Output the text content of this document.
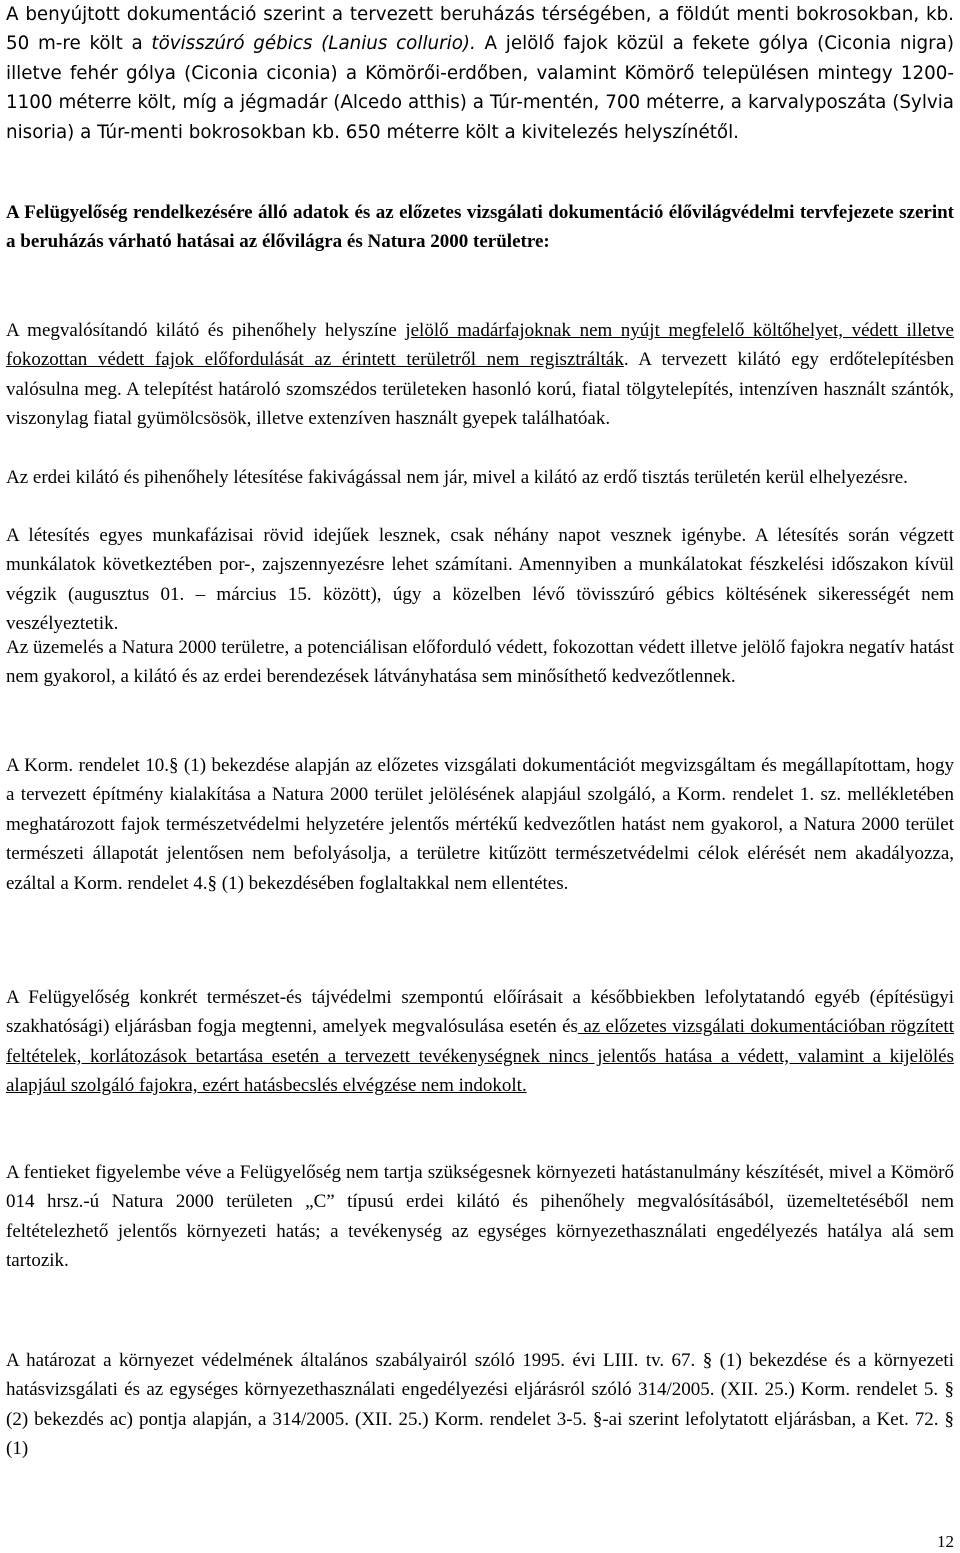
A benyújtott dokumentáció szerint a tervezett beruházás térségében, a földút menti bokrosokban, kb. 50 m-re költ a tövisszúró gébics (Lanius collurio). A jelölő fajok közül a fekete gólya (Ciconia nigra) illetve fehér gólya (Ciconia ciconia) a Kömörői-erdőben, valamint Kömörő településen mintegy 1200-1100 méterre költ, míg a jégmadár (Alcedo atthis) a Túr-mentén, 700 méterre, a karvalyposzáta (Sylvia nisoria) a Túr-menti bokrosokban kb. 650 méterre költ a kivitelezés helyszínétől.

A Felügyelőség rendelkezésére álló adatok és az előzetes vizsgálati dokumentáció élővilágvédelmi tervfejezete szerint a beruházás várható hatásai az élővilágra és Natura 2000 területre:

A megvalósítandó kilátó és pihenőhely helyszíne jelölő madárfajoknak nem nyújt megfelelő költőhelyet, védett illetve fokozottan védett fajok előfordulását az érintett területről nem regisztrálták. A tervezett kilátó egy erdőtelepítésben valósulna meg. A telepítést határoló szomszédos területeken hasonló korú, fiatal tölgytelepítés, intenzíven használt szántók, viszonylag fiatal gyümölcsösök, illetve extenzíven használt gyepek találhatóak.

Az erdei kilátó és pihenőhely létesítése fakivágással nem jár, mivel a kilátó az erdő tisztás területén kerül elhelyezésre.

A létesítés egyes munkafázisai rövid idejűek lesznek, csak néhány napot vesznek igénybe. A létesítés során végzett munkálatok következtében por-, zajszennyezésre lehet számítani. Amennyiben a munkálatokat fészkelési időszakon kívül végzik (augusztus 01. – március 15. között), úgy a közelben lévő tövisszúró gébics költésének sikerességét nem veszélyeztetik.

Az üzemelés a Natura 2000 területre, a potenciálisan előforduló védett, fokozottan védett illetve jelölő fajokra negatív hatást nem gyakorol, a kilátó és az erdei berendezések látványhatása sem minősíthető kedvezőtlennek.

A Korm. rendelet 10.§ (1) bekezdése alapján az előzetes vizsgálati dokumentációt megvizsgáltam és megállapítottam, hogy a tervezett építmény kialakítása a Natura 2000 terület jelölésének alapjául szolgáló, a Korm. rendelet 1. sz. mellékletében meghatározott fajok természetvédelmi helyzetére jelentős mértékű kedvezőtlen hatást nem gyakorol, a Natura 2000 terület természeti állapotát jelentősen nem befolyásolja, a területre kitűzött természetvédelmi célok elérését nem akadályozza, ezáltal a Korm. rendelet 4.§ (1) bekezdésében foglaltakkal nem ellentétes.

A Felügyelőség konkrét természet-és tájvédelmi szempontú előírásait a későbbiekben lefolytatandó egyéb (építésügyi szakhatósági) eljárásban fogja megtenni, amelyek megvalósulása esetén és az előzetes vizsgálati dokumentációban rögzített feltételek, korlátozások betartása esetén a tervezett tevékenységnek nincs jelentős hatása a védett, valamint a kijelölés alapjául szolgáló fajokra, ezért hatásbecslés elvégzése nem indokolt.

A fentieket figyelembe véve a Felügyelőség nem tartja szükségesnek környezeti hatástanulmány készítését, mivel a Kömörő 014 hrsz.-ú Natura 2000 területen „C” típusú erdei kilátó és pihenőhely megvalósításából, üzemeltetéséből nem feltételezhető jelentős környezeti hatás; a tevékenység az egységes környezethasználati engedélyezés hatálya alá sem tartozik.

A határozat a környezet védelmének általános szabályairól szóló 1995. évi LIII. tv. 67. § (1) bekezdése és a környezeti hatásvizsgálati és az egységes környezethasználati engedélyezési eljárásról szóló 314/2005. (XII. 25.) Korm. rendelet 5. § (2) bekezdés ac) pontja alapján, a 314/2005. (XII. 25.) Korm. rendelet 3-5. §-ai szerint lefolytatott eljárásban, a Ket. 72. § (1)

12
